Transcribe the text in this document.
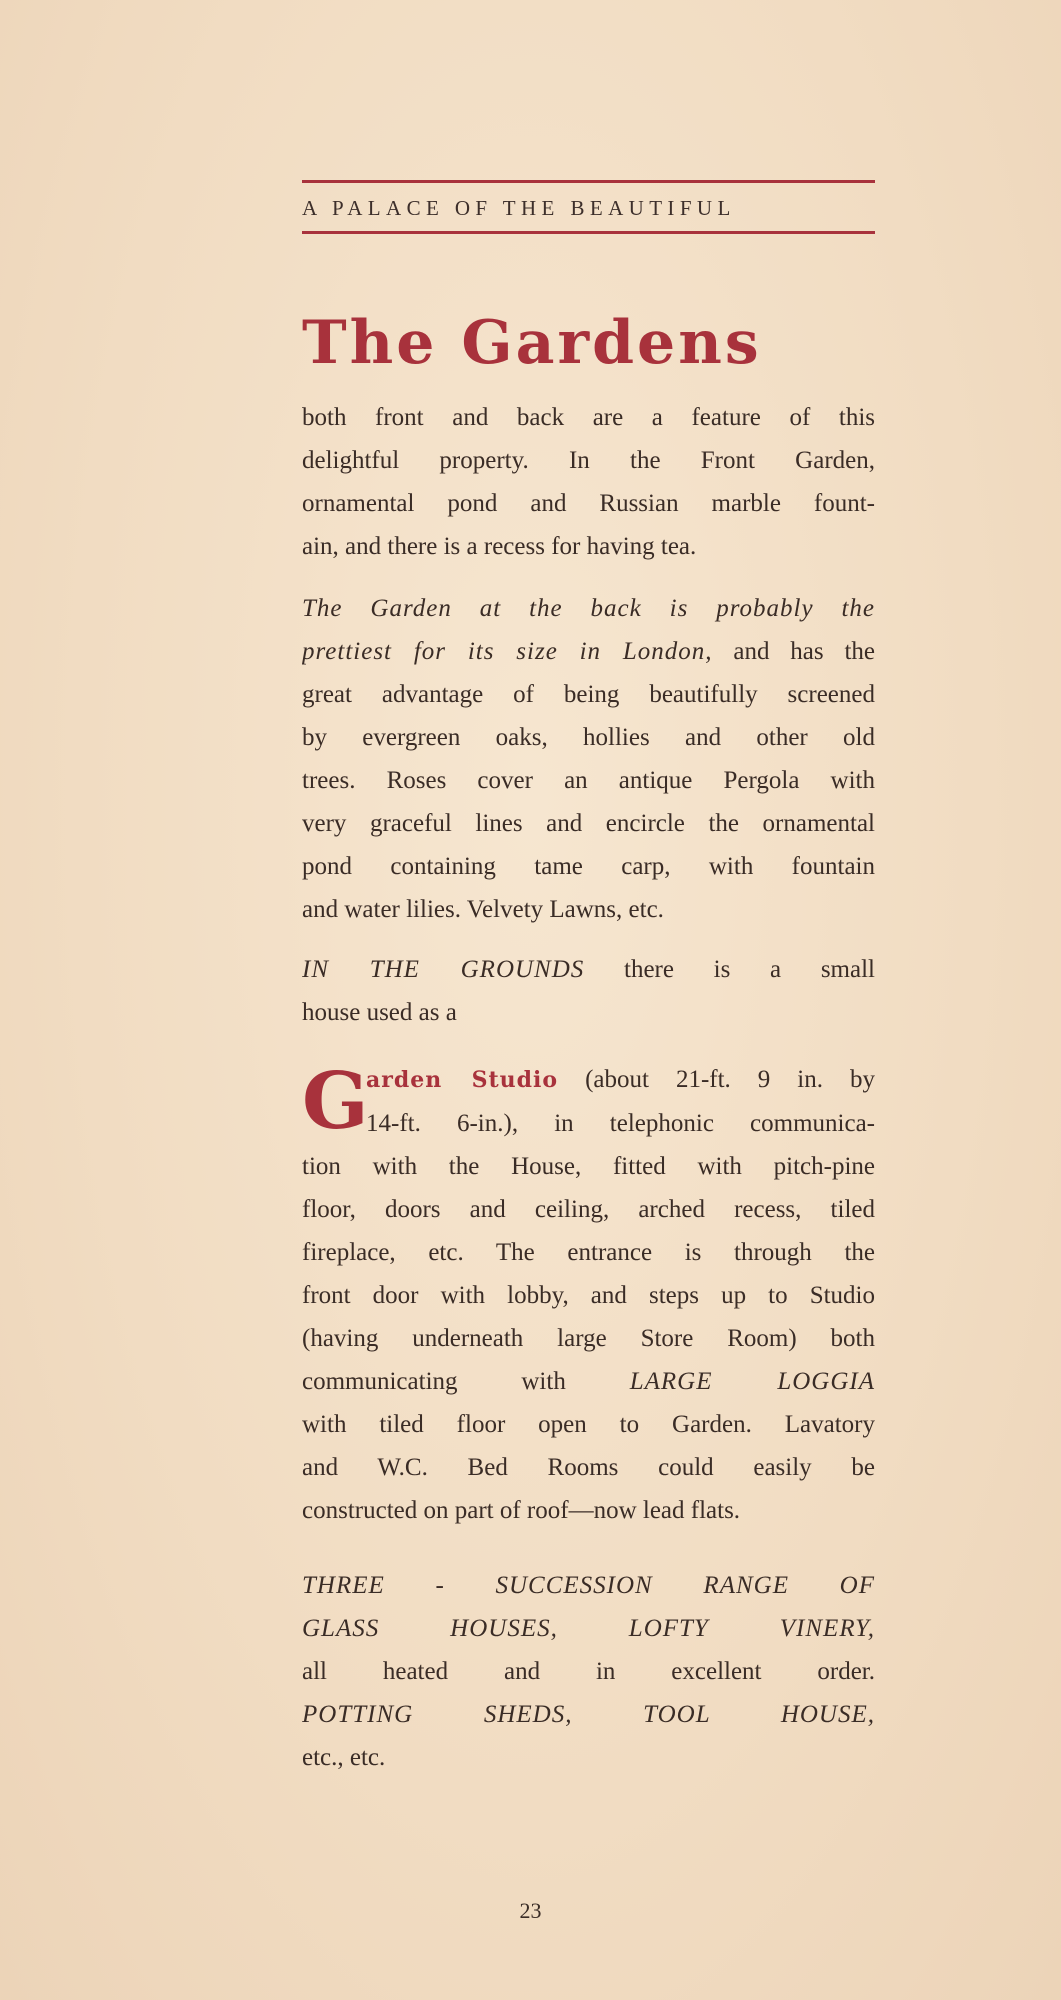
A PALACE OF THE BEAUTIFUL
The Gardens
both front and back are a feature of this
delightful property. In the Front Garden,
ornamental pond and Russian marble fount-
ain, and there is a recess for having tea.
The Garden at the back is probably the
prettiest for its size in London, and has the
great advantage of being beautifully screened
by evergreen oaks, hollies and other old
trees. Roses cover an antique Pergola with
very graceful lines and encircle the ornamental
pond containing tame carp, with fountain
and water lilies. Velvety Lawns, etc.
IN THE GROUNDS there is a small
house used as a
G
arden Studio (about 21-ft. 9 in. by
14-ft. 6-in.), in telephonic communica-
tion with the House, fitted with pitch-pine
floor, doors and ceiling, arched recess, tiled
fireplace, etc. The entrance is through the
front door with lobby, and steps up to Studio
(having underneath large Store Room) both
communicating with LARGE LOGGIA
with tiled floor open to Garden. Lavatory
and W.C. Bed Rooms could easily be
constructed on part of roof—now lead flats.
THREE - SUCCESSION RANGE OF
GLASS HOUSES, LOFTY VINERY,
all heated and in excellent order.
POTTING SHEDS, TOOL HOUSE,
etc., etc.
23
